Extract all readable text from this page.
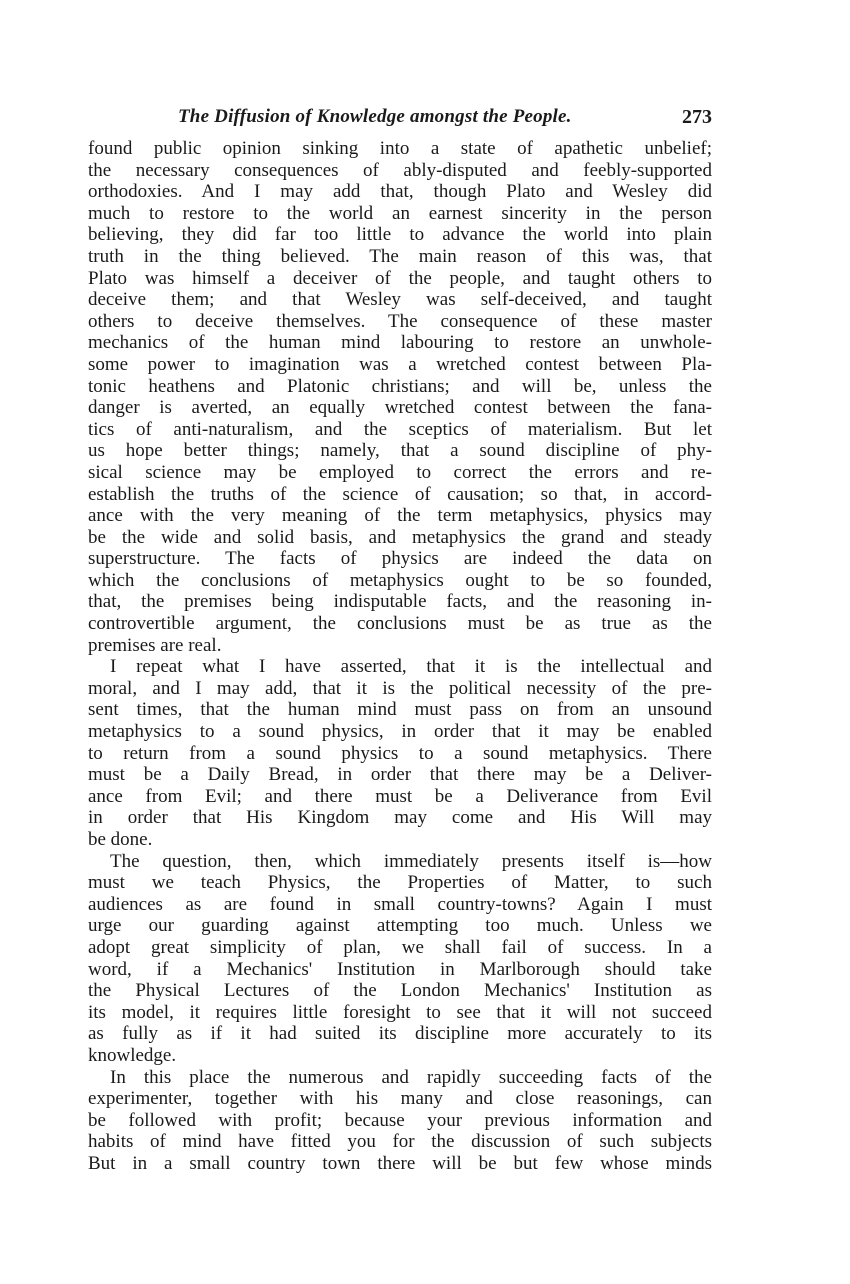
The Diffusion of Knowledge amongst the People.	273
found public opinion sinking into a state of apathetic unbelief;
the necessary consequences of ably-disputed and feebly-supported
orthodoxies. And I may add that, though Plato and Wesley did
much to restore to the world an earnest sincerity in the person
believing, they did far too little to advance the world into plain
truth in the thing believed. The main reason of this was, that
Plato was himself a deceiver of the people, and taught others to
deceive them; and that Wesley was self-deceived, and taught
others to deceive themselves. The consequence of these master
mechanics of the human mind labouring to restore an unwhole-
some power to imagination was a wretched contest between Pla-
tonic heathens and Platonic christians; and will be, unless the
danger is averted, an equally wretched contest between the fana-
tics of anti-naturalism, and the sceptics of materialism. But let
us hope better things; namely, that a sound discipline of phy-
sical science may be employed to correct the errors and re-
establish the truths of the science of causation; so that, in accord-
ance with the very meaning of the term metaphysics, physics may
be the wide and solid basis, and metaphysics the grand and steady
superstructure. The facts of physics are indeed the data on
which the conclusions of metaphysics ought to be so founded,
that, the premises being indisputable facts, and the reasoning in-
controvertible argument, the conclusions must be as true as the
premises are real.
I repeat what I have asserted, that it is the intellectual and
moral, and I may add, that it is the political necessity of the pre-
sent times, that the human mind must pass on from an unsound
metaphysics to a sound physics, in order that it may be enabled
to return from a sound physics to a sound metaphysics. There
must be a Daily Bread, in order that there may be a Deliver-
ance from Evil; and there must be a Deliverance from Evil
in order that His Kingdom may come and His Will may
be done.
The question, then, which immediately presents itself is—how
must we teach Physics, the Properties of Matter, to such
audiences as are found in small country-towns? Again I must
urge our guarding against attempting too much. Unless we
adopt great simplicity of plan, we shall fail of success. In a
word, if a Mechanics' Institution in Marlborough should take
the Physical Lectures of the London Mechanics' Institution as
its model, it requires little foresight to see that it will not succeed
as fully as if it had suited its discipline more accurately to its
knowledge.
In this place the numerous and rapidly succeeding facts of the
experimenter, together with his many and close reasonings, can
be followed with profit; because your previous information and
habits of mind have fitted you for the discussion of such subjects
But in a small country town there will be but few whose minds
